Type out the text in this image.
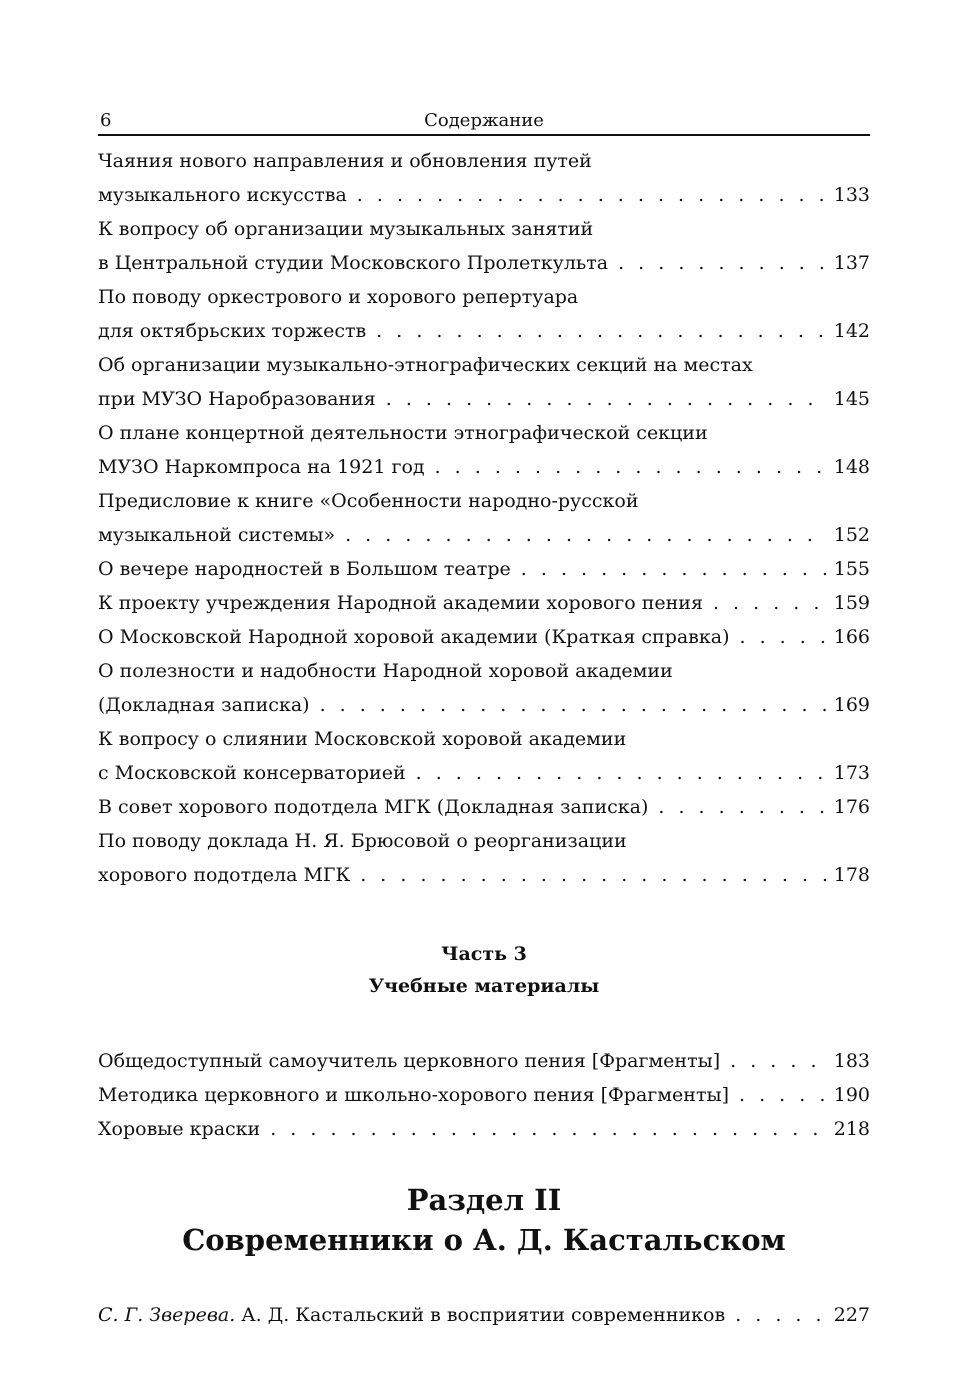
6	Содержание
Чаяния нового направления и обновления путей
музыкального искусства . . .	133
К вопросу об организации музыкальных занятий
в Центральной студии Московского Пролеткульта . . .	137
По поводу оркестрового и хорового репертуара
для октябрьских торжеств . . .	142
Об организации музыкально-этнографических секций на местах
при МУЗО Наробразования . . .	145
О плане концертной деятельности этнографической секции
МУЗО Наркомпроса на 1921 год . . .	148
Предисловие к книге «Особенности народно-русской
музыкальной системы» . . .	152
О вечере народностей в Большом театре . . .	155
К проекту учреждения Народной академии хорового пения . . .	159
О Московской Народной хоровой академии (Краткая справка) . . .	166
О полезности и надобности Народной хоровой академии
(Докладная записка) . . .	169
К вопросу о слиянии Московской хоровой академии
с Московской консерваторией . . .	173
В совет хорового подотдела МГК (Докладная записка) . . .	176
По поводу доклада Н. Я. Брюсовой о реорганизации
хорового подотдела МГК . . .	178
Часть 3
Учебные материалы
Общедоступный самоучитель церковного пения [Фрагменты] . . .	183
Методика церковного и школьно-хорового пения [Фрагменты] . . .	190
Хоровые краски . . .	218
Раздел II
Современники о А. Д. Кастальском
С. Г. Зверева. А. Д. Кастальский в восприятии современников . . .	227
